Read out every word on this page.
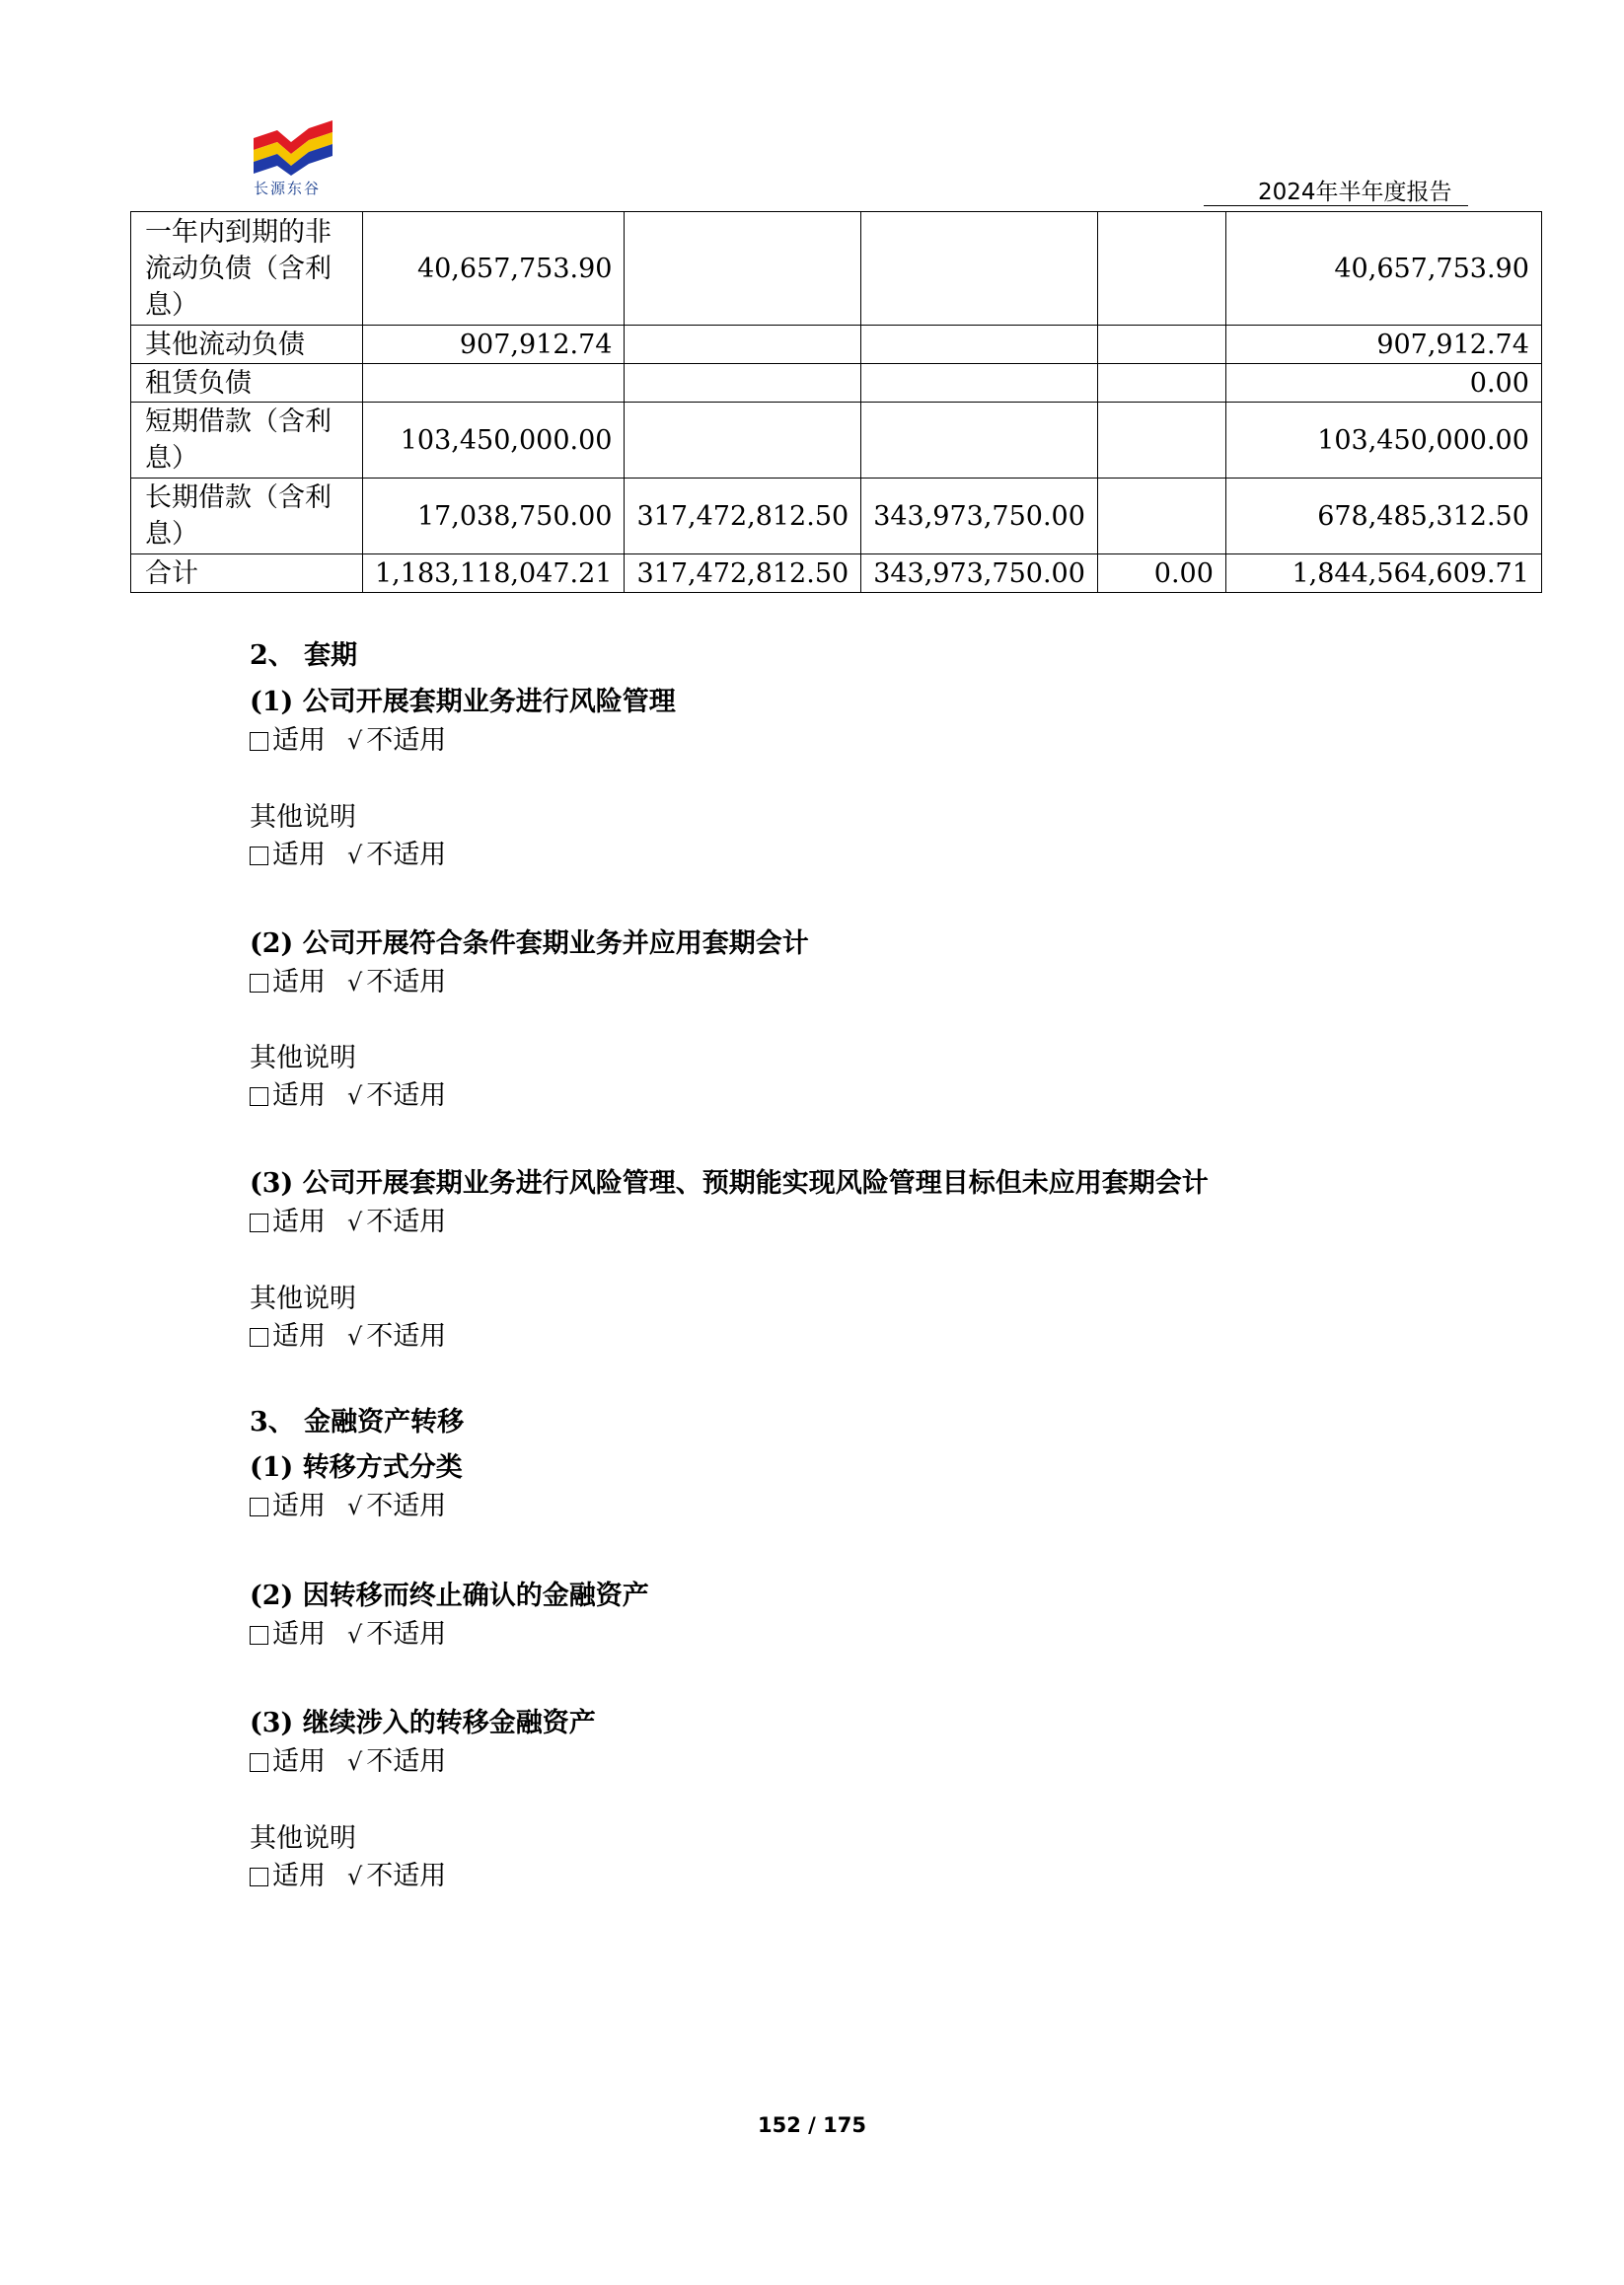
长源东谷	2024年半年度报告
一年内到期的非流动负债（含利息）	40,657,753.90				40,657,753.90
其他流动负债	907,912.74				907,912.74
租赁负债					0.00
短期借款（含利息）	103,450,000.00				103,450,000.00
长期借款（含利息）	17,038,750.00	317,472,812.50	343,973,750.00		678,485,312.50
合计	1,183,118,047.21	317,472,812.50	343,973,750.00	0.00	1,844,564,609.71
2、 套期
(1) 公司开展套期业务进行风险管理
适用 √ 不适用
其他说明
适用 √ 不适用
(2) 公司开展符合条件套期业务并应用套期会计
适用 √ 不适用
其他说明
适用 √ 不适用
(3) 公司开展套期业务进行风险管理、预期能实现风险管理目标但未应用套期会计
适用 √ 不适用
其他说明
适用 √ 不适用
3、 金融资产转移
(1) 转移方式分类
适用 √ 不适用
(2) 因转移而终止确认的金融资产
适用 √ 不适用
(3) 继续涉入的转移金融资产
适用 √ 不适用
其他说明
适用 √ 不适用
152 / 175
